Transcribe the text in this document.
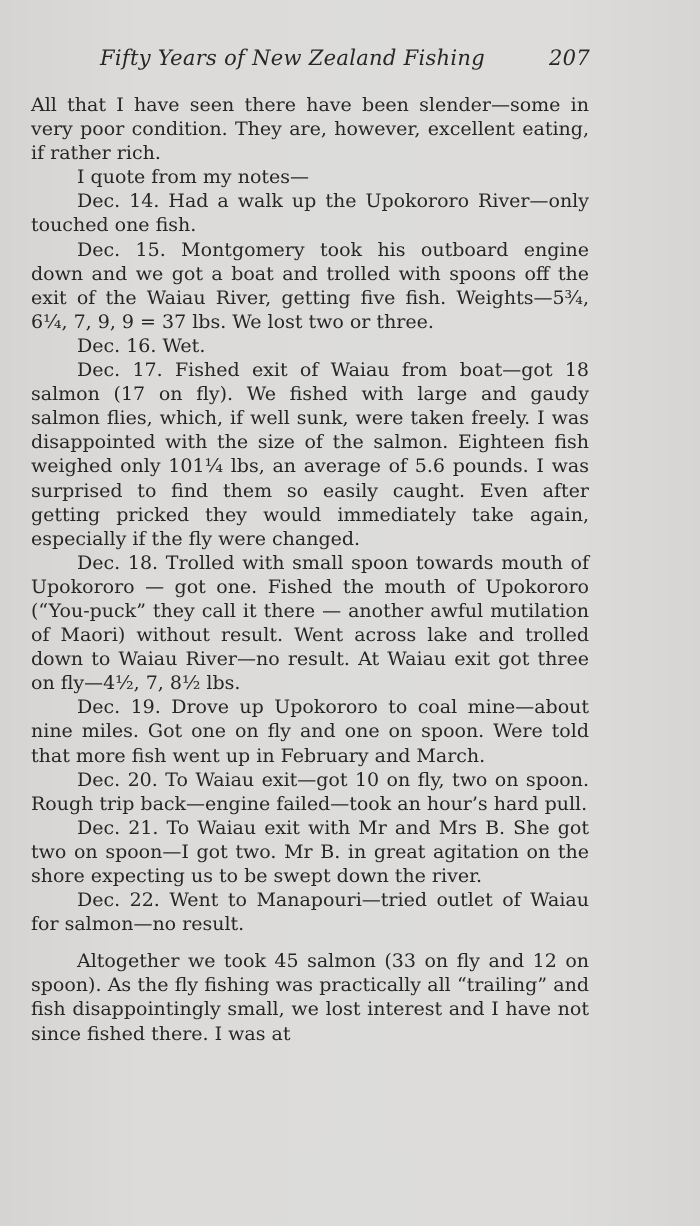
Fifty Years of New Zealand Fishing	207

All that I have seen there have been slender—some in very poor condition. They are, however, excellent eating, if rather rich.

I quote from my notes—

Dec. 14. Had a walk up the Upokororo River—only touched one fish.

Dec. 15. Montgomery took his outboard engine down and we got a boat and trolled with spoons off the exit of the Waiau River, getting five fish. Weights—5¾, 6¼, 7, 9, 9 = 37 lbs. We lost two or three.

Dec. 16. Wet.

Dec. 17. Fished exit of Waiau from boat—got 18 salmon (17 on fly). We fished with large and gaudy salmon flies, which, if well sunk, were taken freely. I was disappointed with the size of the salmon. Eighteen fish weighed only 101¼ lbs, an average of 5.6 pounds. I was surprised to find them so easily caught. Even after getting pricked they would immediately take again, especially if the fly were changed.

Dec. 18. Trolled with small spoon towards mouth of Upokororo — got one. Fished the mouth of Upokororo (“You-puck” they call it there — another awful mutilation of Maori) without result. Went across lake and trolled down to Waiau River—no result. At Waiau exit got three on fly—4½, 7, 8½ lbs.

Dec. 19. Drove up Upokororo to coal mine—about nine miles. Got one on fly and one on spoon. Were told that more fish went up in February and March.

Dec. 20. To Waiau exit—got 10 on fly, two on spoon. Rough trip back—engine failed—took an hour’s hard pull.

Dec. 21. To Waiau exit with Mr and Mrs B. She got two on spoon—I got two. Mr B. in great agitation on the shore expecting us to be swept down the river.

Dec. 22. Went to Manapouri—tried outlet of Waiau for salmon—no result.

Altogether we took 45 salmon (33 on fly and 12 on spoon). As the fly fishing was practically all “trailing” and fish disappointingly small, we lost interest and I have not since fished there. I was at
